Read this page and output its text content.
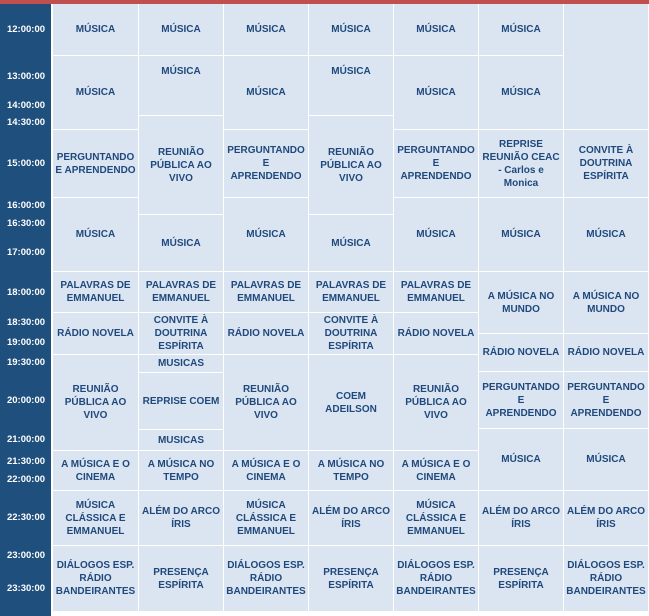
12:00:00
13:00:00
14:00:00
14:30:00
15:00:00
16:00:00
16:30:00
17:00:00
18:00:00
18:30:00
19:00:00
19:30:00
20:00:00
21:00:00
21:30:00
22:00:00
22:30:00
23:00:00
23:30:00
MÚSICA
MÚSICA
PERGUNTANDO E APRENDENDO
MÚSICA
PALAVRAS DE EMMANUEL
RÁDIO NOVELA
REUNIÃO PÚBLICA AO VIVO
A MÚSICA E O CINEMA
MÚSICA CLÁSSICA E EMMANUEL
DIÁLOGOS ESP. RÁDIO BANDEIRANTES
MÚSICA
MÚSICA
REUNIÃO PÚBLICA AO VIVO
MÚSICA
PALAVRAS DE EMMANUEL
CONVITE À DOUTRINA ESPÍRITA
MUSICAS
REPRISE COEM
MUSICAS
A MÚSICA NO TEMPO
ALÉM DO ARCO ÍRIS
PRESENÇA ESPÍRITA
MÚSICA
MÚSICA
PERGUNTANDO E APRENDENDO
MÚSICA
PALAVRAS DE EMMANUEL
RÁDIO NOVELA
REUNIÃO PÚBLICA AO VIVO
A MÚSICA E O CINEMA
MÚSICA CLÁSSICA E EMMANUEL
DIÁLOGOS ESP. RÁDIO BANDEIRANTES
MÚSICA
MÚSICA
REUNIÃO PÚBLICA AO VIVO
MÚSICA
PALAVRAS DE EMMANUEL
CONVITE À DOUTRINA ESPÍRITA
COEM ADEILSON
A MÚSICA NO TEMPO
ALÉM DO ARCO ÍRIS
PRESENÇA ESPÍRITA
MÚSICA
MÚSICA
PERGUNTANDO E APRENDENDO
MÚSICA
PALAVRAS DE EMMANUEL
RÁDIO NOVELA
REUNIÃO PÚBLICA AO VIVO
A MÚSICA E O CINEMA
MÚSICA CLÁSSICA E EMMANUEL
DIÁLOGOS ESP. RÁDIO BANDEIRANTES
MÚSICA
MÚSICA
REPRISE REUNIÃO CEAC - Carlos e Monica
MÚSICA
A MÚSICA NO MUNDO
RÁDIO NOVELA
PERGUNTANDO E APRENDENDO
MÚSICA
ALÉM DO ARCO ÍRIS
PRESENÇA ESPÍRITA
CONVITE À DOUTRINA ESPÍRITA
MÚSICA
A MÚSICA NO MUNDO
RÁDIO NOVELA
PERGUNTANDO E APRENDENDO
MÚSICA
ALÉM DO ARCO ÍRIS
DIÁLOGOS ESP. RÁDIO BANDEIRANTES
